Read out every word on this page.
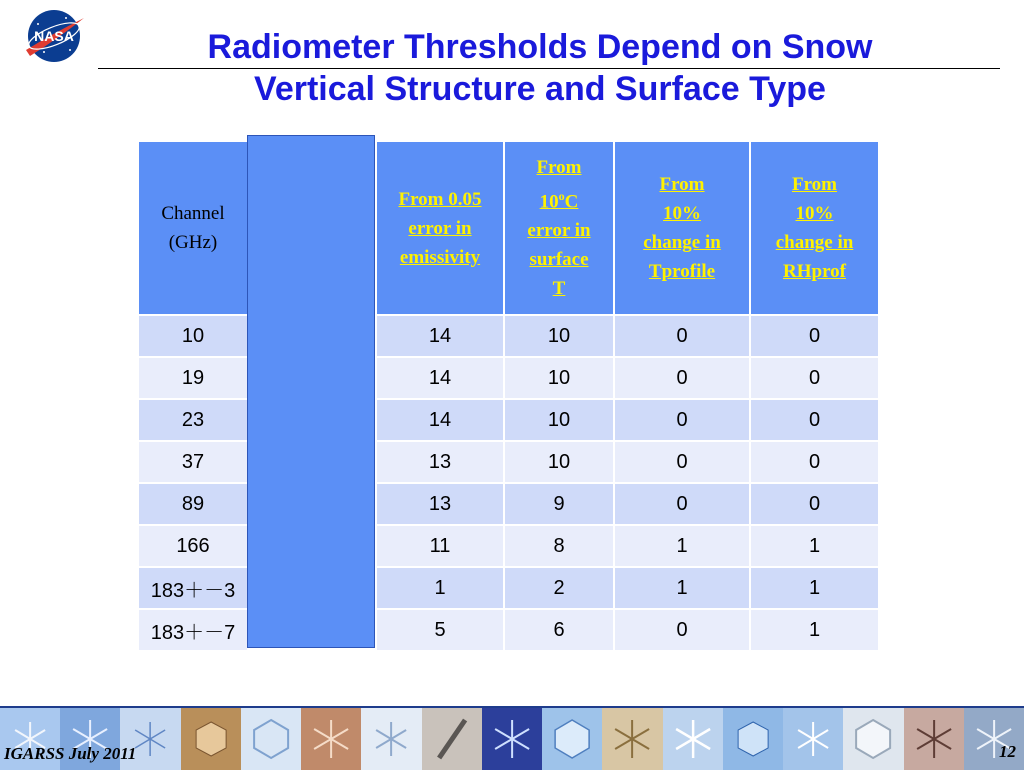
NASA	Radiometer Thresholds Depend on Snow
Vertical Structure and Surface Type
Channel
(GHz)		From 0.05
error in
emissivity	From
10$^o$C
error in
surface
T	From
10%
change in
Tprofile	From
10%
change in
RHprof
10		14	10	0	0
19		14	10	0	0
23		14	10	0	0
37		13	10	0	0
89		13	9	0	0
166		11	8	1	1
183＋－3		1	2	1	1
183＋－7		5	6	0	1
IGARSS July 2011	12
